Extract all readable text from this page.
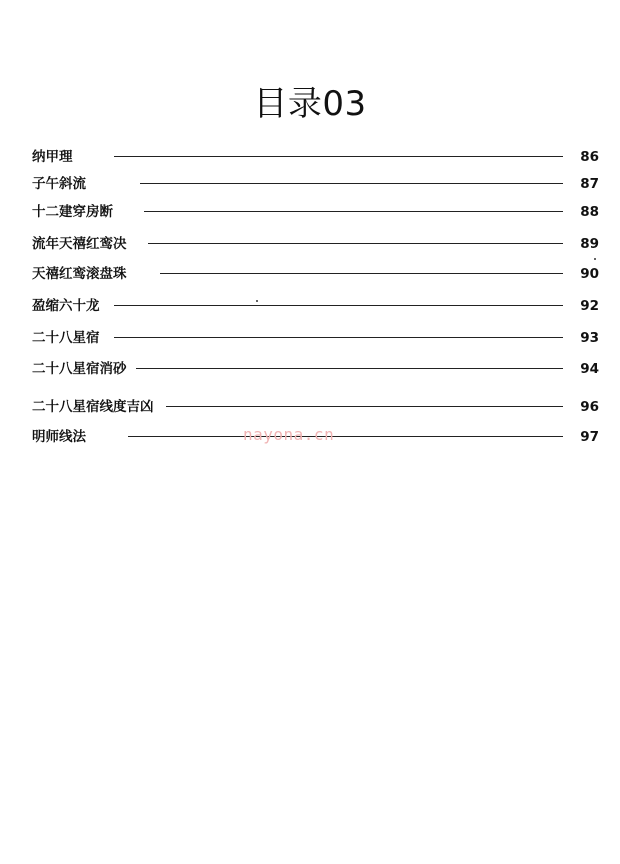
目录03
纳甲理	86
子午斜流	87
十二建穿房断	88
流年天禧红鸾决	89
天禧红鸾滚盘珠	90
盈缩六十龙	92
二十八星宿	93
二十八星宿消砂	94
二十八星宿线度吉凶	96
明师线法	97
nayona.cn
